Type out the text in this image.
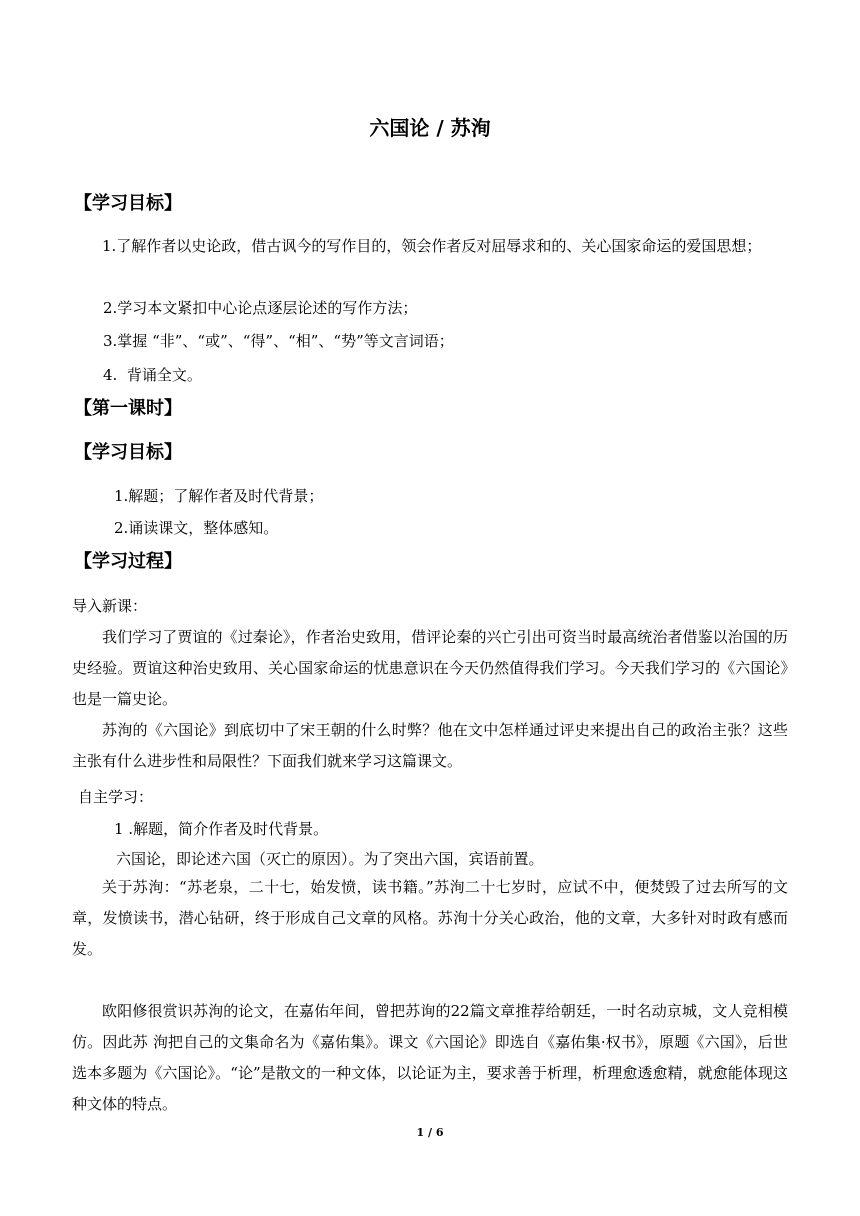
六国论 / 苏洵
【学习目标】
1.了解作者以史论政，借古讽今的写作目的，领会作者反对屈辱求和的、关心国家命运的爱国思想；
2.学习本文紧扣中心论点逐层论述的写作方法；
3.掌握 “非”、“或”、“得”、“相”、“势”等文言词语；
4.  背诵全文。
【第一课时】
【学习目标】
1.解题；了解作者及时代背景；
2.诵读课文，整体感知。
【学习过程】
导入新课：
我们学习了贾谊的《过秦论》，作者治史致用，借评论秦的兴亡引出可资当时最高统治者借鉴以治国的历史经验。贾谊这种治史致用、关心国家命运的忧患意识在今天仍然值得我们学习。今天我们学习的《六国论》也是一篇史论。
苏洵的《六国论》到底切中了宋王朝的什么时弊？他在文中怎样通过评史来提出自己的政治主张？这些主张有什么进步性和局限性？下面我们就来学习这篇课文。
自主学习：
1 .解题，简介作者及时代背景。
六国论，即论述六国（灭亡的原因）。为了突出六国，宾语前置。
关于苏洵：“苏老泉，二十七，始发愤，读书籍。”苏洵二十七岁时，应试不中，便焚毁了过去所写的文章，发愤读书，潜心钻研，终于形成自己文章的风格。苏洵十分关心政治，他的文章，大多针对时政有感而发。
欧阳修很赏识苏洵的论文，在嘉佑年间，曾把苏询的22篇文章推荐给朝廷，一时名动京城，文人竞相模仿。因此苏 洵把自己的文集命名为《嘉佑集》。课文《六国论》即选自《嘉佑集·权书》，原题《六国》，后世选本多题为《六国论》。“论”是散文的一种文体，以论证为主，要求善于析理，析理愈透愈精，就愈能体现这种文体的特点。
1 / 6
